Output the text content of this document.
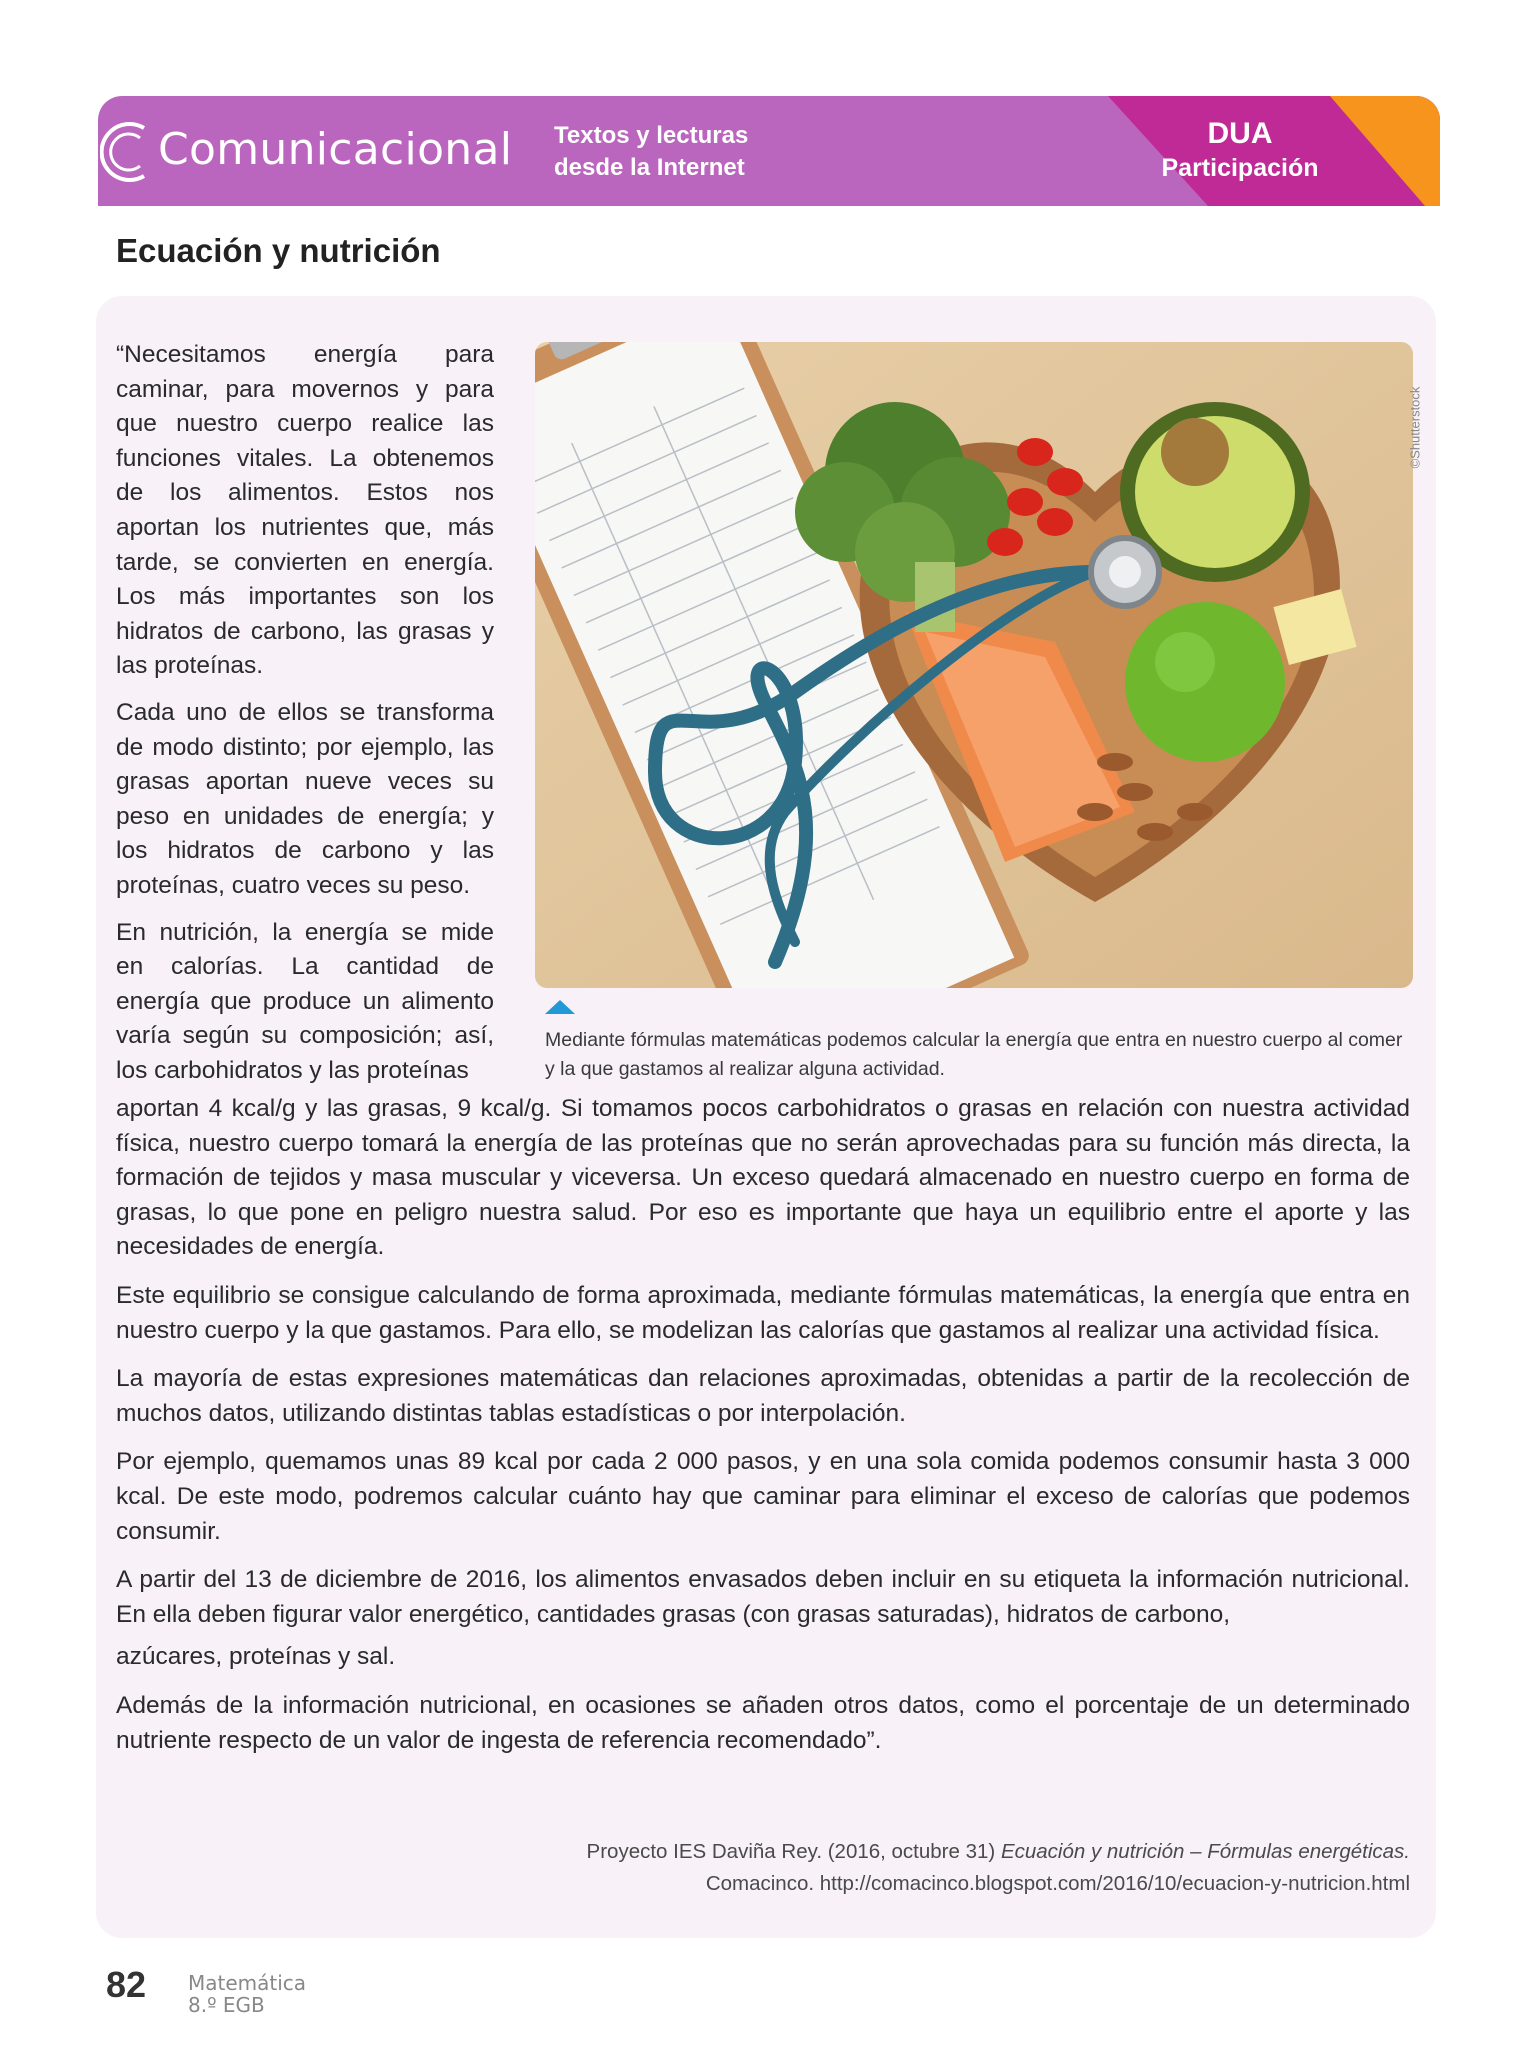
Comunicacional Textos y lecturas
desde la Internet
DUA
Participación
Ecuación y nutrición

“Necesitamos energía para caminar, para movernos y para que nuestro cuerpo realice las funciones vitales. La obtenemos de los alimentos. Estos nos aportan los nutrientes que, más tarde, se convierten en energía. Los más importantes son los hidratos de carbono, las grasas y las proteínas.

Cada uno de ellos se transforma de modo distinto; por ejemplo, las grasas aportan nueve veces su peso en unidades de energía; y los hidratos de carbono y las proteínas, cuatro veces su peso.

En nutrición, la energía se mide en calorías. La cantidad de energía que produce un alimento varía según su composición; así, los carbohidratos y las proteínas

©Shutterstock
Mediante fórmulas matemáticas podemos calcular la energía que entra en nuestro cuerpo al comer y la que gastamos al realizar alguna actividad.

aportan 4 kcal/g y las grasas, 9 kcal/g. Si tomamos pocos carbohidratos o grasas en relación con nuestra actividad física, nuestro cuerpo tomará la energía de las proteínas que no serán aprovechadas para su función más directa, la formación de tejidos y masa muscular y viceversa. Un exceso quedará almacenado en nuestro cuerpo en forma de grasas, lo que pone en peligro nuestra salud. Por eso es importante que haya un equilibrio entre el aporte y las necesidades de energía.

Este equilibrio se consigue calculando de forma aproximada, mediante fórmulas matemáticas, la energía que entra en nuestro cuerpo y la que gastamos. Para ello, se modelizan las calorías que gastamos al realizar una actividad física.

La mayoría de estas expresiones matemáticas dan relaciones aproximadas, obtenidas a partir de la recolección de muchos datos, utilizando distintas tablas estadísticas o por interpolación.

Por ejemplo, quemamos unas 89 kcal por cada 2 000 pasos, y en una sola comida podemos consumir hasta 3 000 kcal. De este modo, podremos calcular cuánto hay que caminar para eliminar el exceso de calorías que podemos consumir.

A partir del 13 de diciembre de 2016, los alimentos envasados deben incluir en su etiqueta la información nutricional. En ella deben figurar valor energético, cantidades grasas (con grasas saturadas), hidratos de carbono,

azúcares, proteínas y sal.

Además de la información nutricional, en ocasiones se añaden otros datos, como el porcentaje de un determinado nutriente respecto de un valor de ingesta de referencia recomendado”.

Proyecto IES Daviña Rey. (2016, octubre 31) Ecuación y nutrición – Fórmulas energéticas.
Comacinco. http://comacinco.blogspot.com/2016/10/ecuacion-y-nutricion.html
82 Matemática
8.º EGB
